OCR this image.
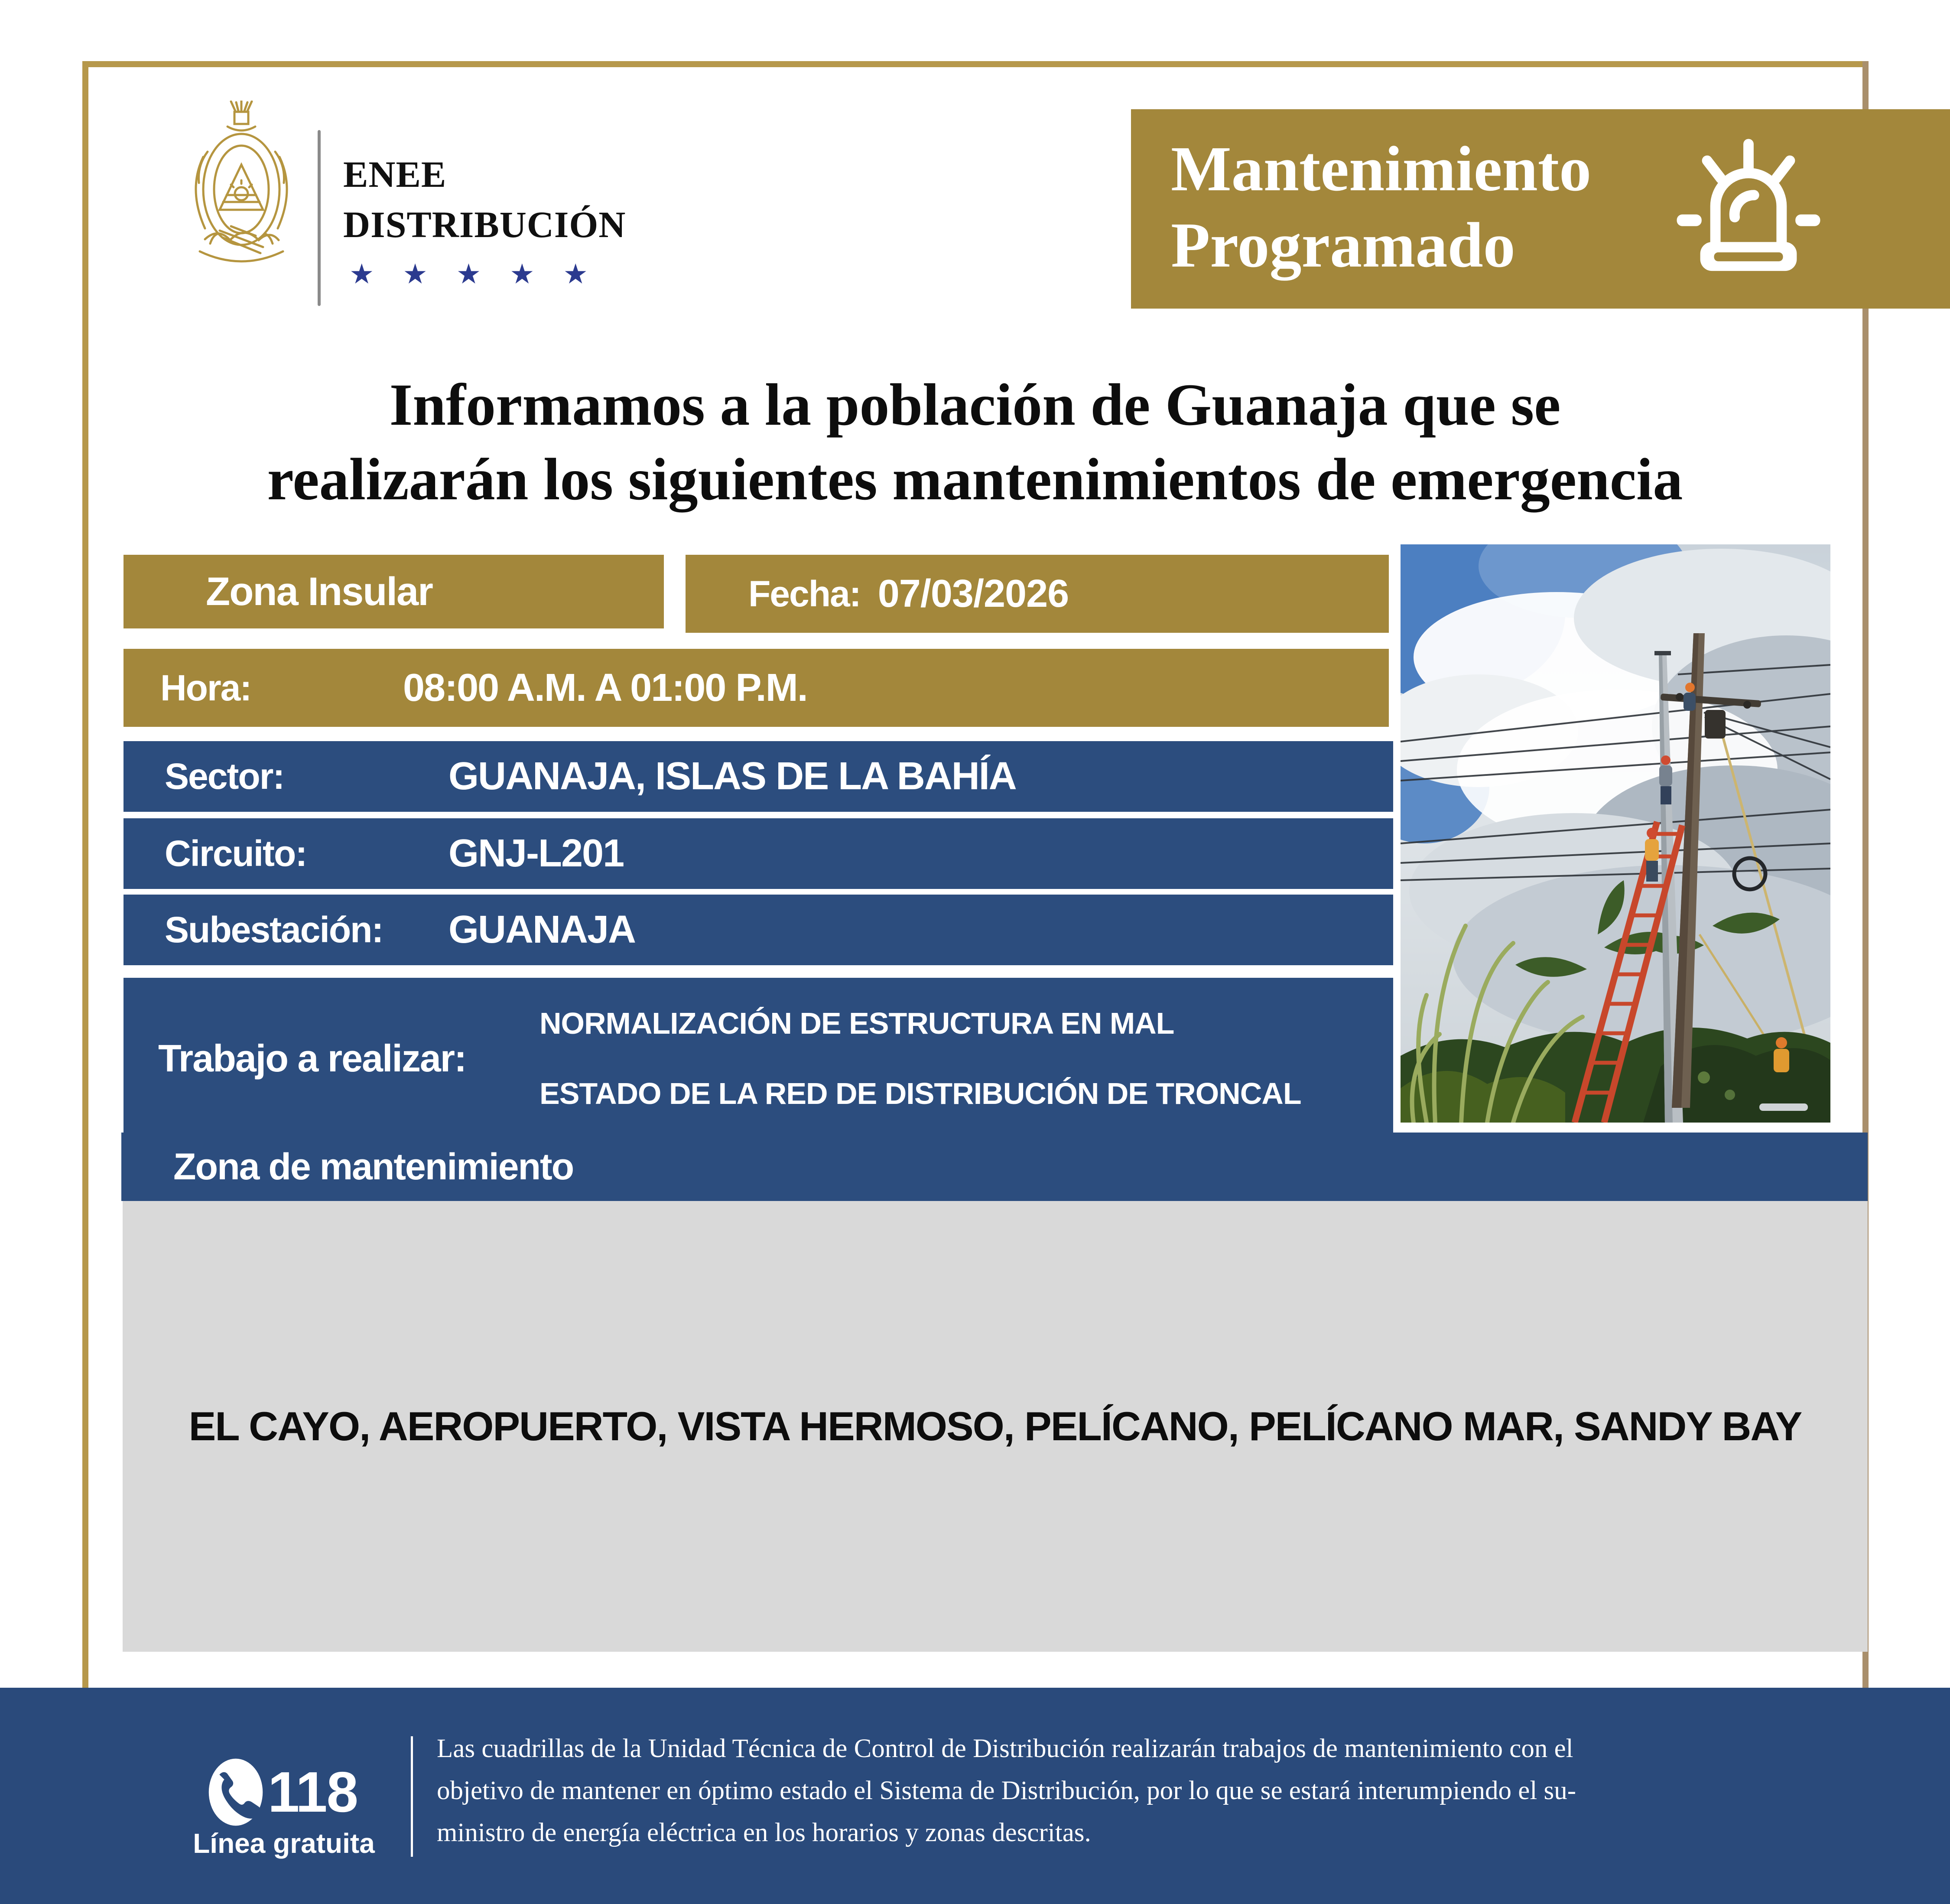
ENEE
DISTRIBUCIÓN
★ ★ ★ ★ ★
Mantenimiento
Programado
Informamos a la población de Guanaja que se
realizarán los siguientes mantenimientos de emergencia
Zona Insular	Fecha: 07/03/2026
Hora:	08:00 A.M. A 01:00 P.M.
Sector:	GUANAJA, ISLAS DE LA BAHÍA
Circuito:	GNJ-L201
Subestación: GUANAJA
Trabajo a realizar:
NORMALIZACIÓN DE ESTRUCTURA EN MAL
ESTADO DE LA RED DE DISTRIBUCIÓN DE TRONCAL
Zona de mantenimiento
EL CAYO, AEROPUERTO, VISTA HERMOSO, PELÍCANO, PELÍCANO MAR, SANDY BAY
118
Línea gratuita
Las cuadrillas de la Unidad Técnica de Control de Distribución realizarán trabajos de mantenimiento con el
objetivo de mantener en óptimo estado el Sistema de Distribución, por lo que se estará interumpiendo el su-
ministro de energía eléctrica en los horarios y zonas descritas.
